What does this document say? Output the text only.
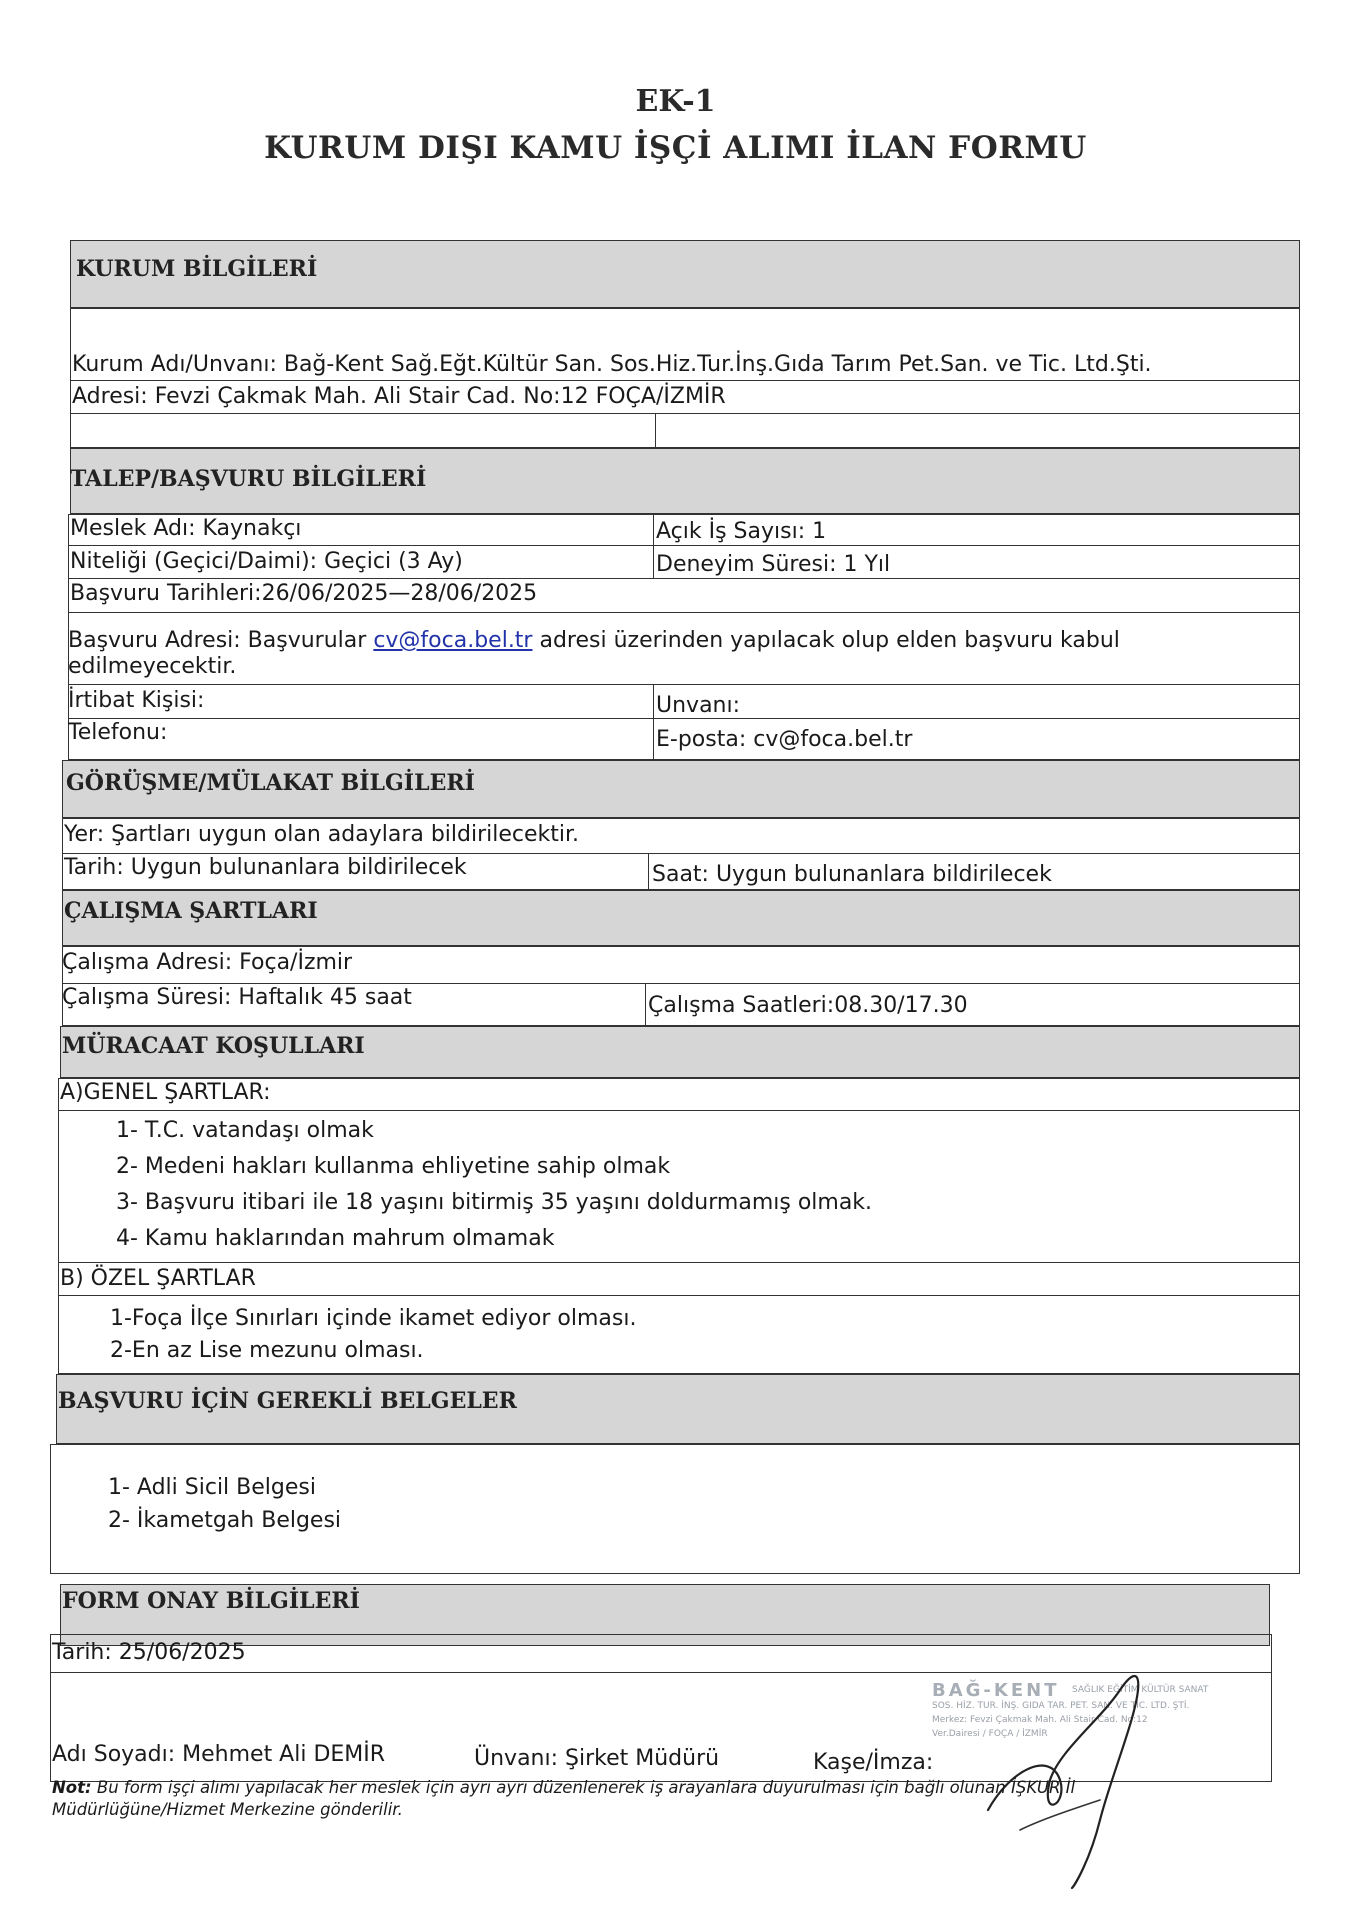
EK-1
KURUM DIŞI KAMU İŞÇİ ALIMI İLAN FORMU
KURUM BİLGİLERİ
Kurum Adı/Unvanı: Bağ-Kent Sağ.Eğt.Kültür San. Sos.Hiz.Tur.İnş.Gıda Tarım Pet.San. ve Tic. Ltd.Şti.
Adresi: Fevzi Çakmak Mah. Ali Stair Cad. No:12 FOÇA/İZMİR
TALEP/BAŞVURU BİLGİLERİ
Meslek Adı: Kaynakçı	Açık İş Sayısı: 1
Niteliği (Geçici/Daimi): Geçici (3 Ay)	Deneyim Süresi: 1 Yıl
Başvuru Tarihleri:26/06/2025—28/06/2025
Başvuru Adresi: Başvurular cv@foca.bel.tr adresi üzerinden yapılacak olup elden başvuru kabul
edilmeyecektir.
İrtibat Kişisi:	Unvanı:
Telefonu:	E-posta: cv@foca.bel.tr
GÖRÜŞME/MÜLAKAT BİLGİLERİ
Yer: Şartları uygun olan adaylara bildirilecektir.
Tarih: Uygun bulunanlara bildirilecek	Saat: Uygun bulunanlara bildirilecek
ÇALIŞMA ŞARTLARI
Çalışma Adresi: Foça/İzmir
Çalışma Süresi: Haftalık 45 saat	Çalışma Saatleri:08.30/17.30
MÜRACAAT KOŞULLARI
A)GENEL ŞARTLAR:
1- T.C. vatandaşı olmak
2- Medeni hakları kullanma ehliyetine sahip olmak
3- Başvuru itibari ile 18 yaşını bitirmiş 35 yaşını doldurmamış olmak.
4- Kamu haklarından mahrum olmamak
B) ÖZEL ŞARTLAR
1-Foça İlçe Sınırları içinde ikamet ediyor olması.
2-En az Lise mezunu olması.
BAŞVURU İÇİN GEREKLİ BELGELER
1- Adli Sicil Belgesi
2- İkametgah Belgesi
FORM ONAY BİLGİLERİ
Tarih: 25/06/2025
Adı Soyadı: Mehmet Ali DEMİR	Ünvanı: Şirket Müdürü	Kaşe/İmza:
BAĞ-KENT SAĞLIK EĞİTİM KÜLTÜR SANAT
SOS. HİZ. TUR. İNŞ. GIDA TAR. PET. SAN. VE TİC. LTD. ŞTİ.
Merkez: Fevzi Çakmak Mah. Ali Stair Cad. No:12
Ver.Dairesi / FOÇA / İZMİR
Not: Bu form işçi alımı yapılacak her meslek için ayrı ayrı düzenlenerek iş arayanlara duyurulması için bağlı olunan İŞKUR İl
Müdürlüğüne/Hizmet Merkezine gönderilir.
